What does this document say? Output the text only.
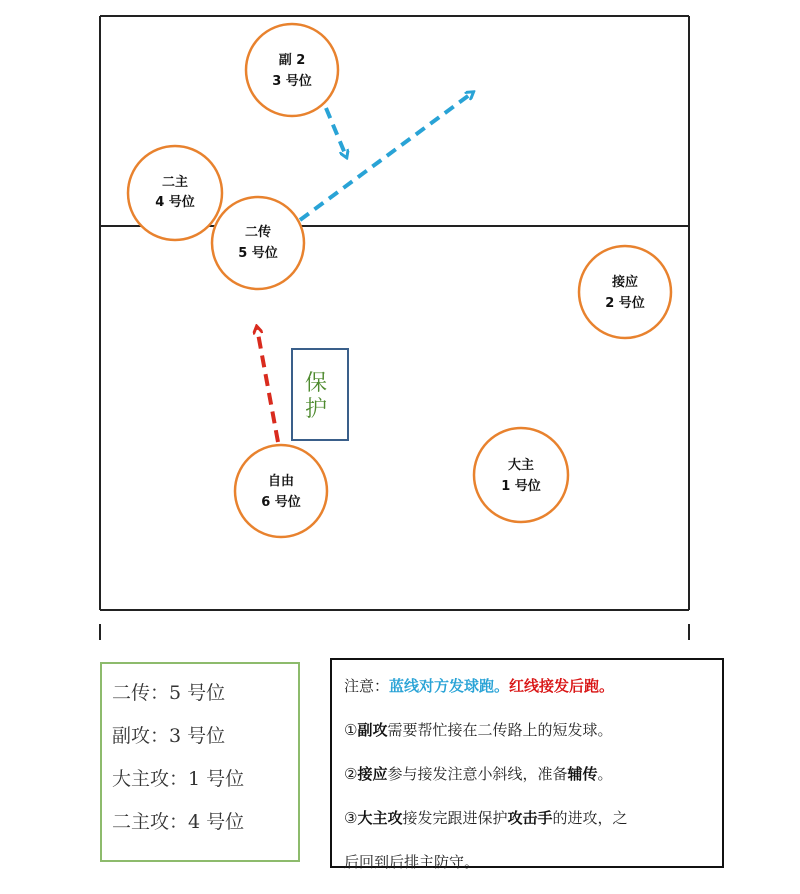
保
护
副 2
3 号位
二主
4 号位
二传
5 号位
接应
2 号位
自由
6 号位
大主
1 号位
二传：5 号位
副攻：3 号位
大主攻：1 号位
二主攻：4 号位
注意：蓝线对方发球跑。红线接发后跑。
①副攻需要帮忙接在二传路上的短发球。
②接应参与接发注意小斜线，准备辅传。
③大主攻接发完跟进保护攻击手的进攻，之
后回到后排主防守。
